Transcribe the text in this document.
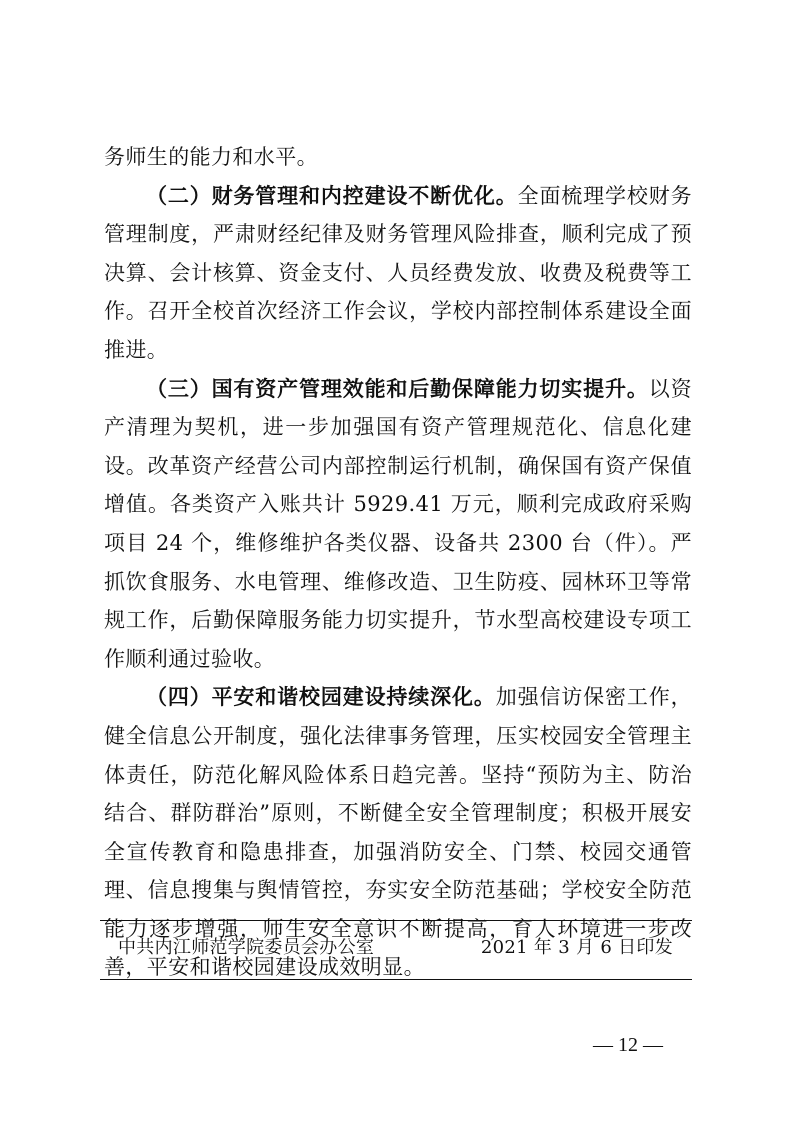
务师生的能力和水平。

（二）财务管理和内控建设不断优化。全面梳理学校财务管理制度，严肃财经纪律及财务管理风险排查，顺利完成了预决算、会计核算、资金支付、人员经费发放、收费及税费等工作。召开全校首次经济工作会议，学校内部控制体系建设全面推进。

（三）国有资产管理效能和后勤保障能力切实提升。以资产清理为契机，进一步加强国有资产管理规范化、信息化建设。改革资产经营公司内部控制运行机制，确保国有资产保值增值。各类资产入账共计 5929.41 万元，顺利完成政府采购项目 24 个，维修维护各类仪器、设备共 2300 台（件）。严抓饮食服务、水电管理、维修改造、卫生防疫、园林环卫等常规工作，后勤保障服务能力切实提升，节水型高校建设专项工作顺利通过验收。

（四）平安和谐校园建设持续深化。加强信访保密工作，健全信息公开制度，强化法律事务管理，压实校园安全管理主体责任，防范化解风险体系日趋完善。坚持“预防为主、防治结合、群防群治”原则，不断健全安全管理制度；积极开展安全宣传教育和隐患排查，加强消防安全、门禁、校园交通管理、信息搜集与舆情管控，夯实安全防范基础；学校安全防范能力逐步增强，师生安全意识不断提高，育人环境进一步改善，平安和谐校园建设成效明显。

中共内江师范学院委员会办公室	2021 年 3 月 6 日印发
— 12 —
